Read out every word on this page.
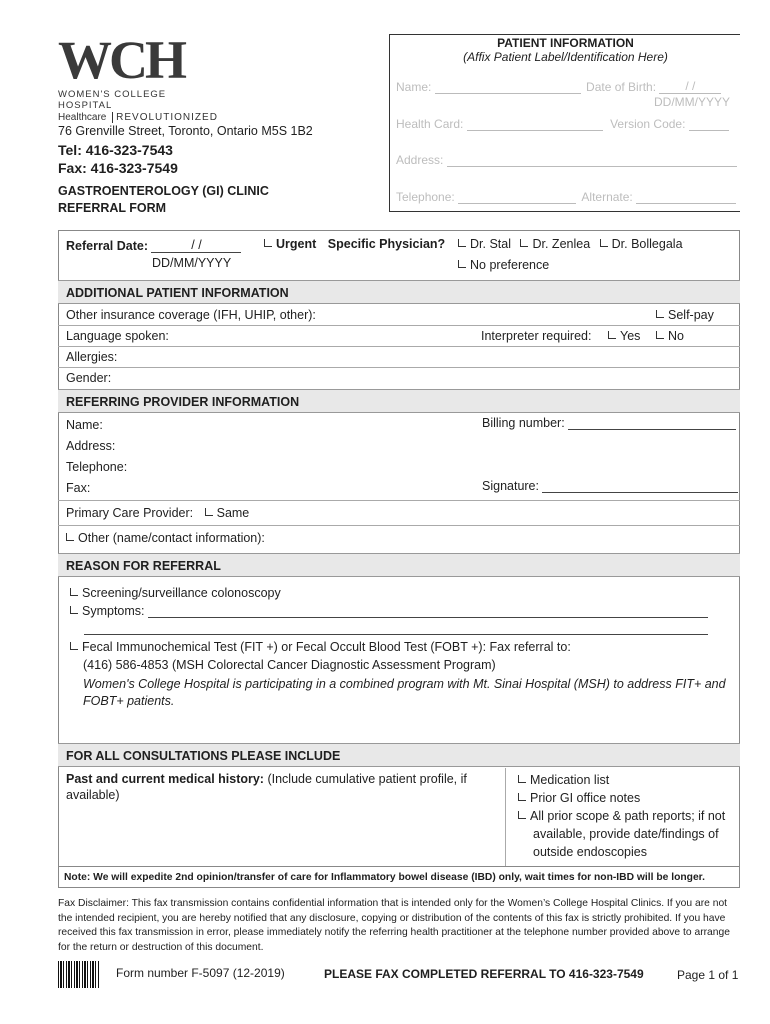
WCH
WOMEN'S COLLEGE HOSPITAL
Healthcare REVOLUTIONIZED
76 Grenville Street, Toronto, Ontario M5S 1B2
Tel: 416-323-7543
Fax: 416-323-7549
GASTROENTEROLOGY (GI) CLINIC
REFERRAL FORM
PATIENT INFORMATION
(Affix Patient Label/Identification Here)
Name:	Date of Birth: / /
DD/MM/YYYY
Health Card:	Version Code:
Address:
Telephone:	Alternate:
Referral Date:	/ /
DD/MM/YYYY
Urgent Specific Physician?	Dr. Stal Dr. Zenlea Dr. Bollegala
No preference
ADDITIONAL PATIENT INFORMATION
Other insurance coverage (IFH, UHIP, other):	Self-pay
Language spoken:	Interpreter required:	Yes	No
Allergies:
Gender:
REFERRING PROVIDER INFORMATION
Name:	Billing number:
Address:
Telephone:
Fax:	Signature:
Primary Care Provider: Same
Other (name/contact information):
REASON FOR REFERRAL
Screening/surveillance colonoscopy
Symptoms:
Fecal Immunochemical Test (FIT +) or Fecal Occult Blood Test (FOBT +): Fax referral to:
(416) 586-4853 (MSH Colorectal Cancer Diagnostic Assessment Program)
Women's College Hospital is participating in a combined program with Mt. Sinai Hospital (MSH) to address FIT+ and
FOBT+ patients.
FOR ALL CONSULTATIONS PLEASE INCLUDE
Past and current medical history: (Include cumulative patient profile, if
available)
Medication list
Prior GI office notes
All prior scope & path reports; if not
available, provide date/findings of
outside endoscopies
Note: We will expedite 2nd opinion/transfer of care for Inflammatory bowel disease (IBD) only, wait times for non-IBD will be longer.
Fax Disclaimer: This fax transmission contains confidential information that is intended only for the Women’s College Hospital Clinics. If you are not the intended recipient, you are hereby notified that any disclosure, copying or distribution of the contents of this fax is strictly prohibited. If you have received this fax transmission in error, please immediately notify the referring health practitioner at the telephone number provided above to arrange for the return or destruction of this document.
Form number F-5097 (12-2019)	PLEASE FAX COMPLETED REFERRAL TO 416-323-7549	Page 1 of 1
